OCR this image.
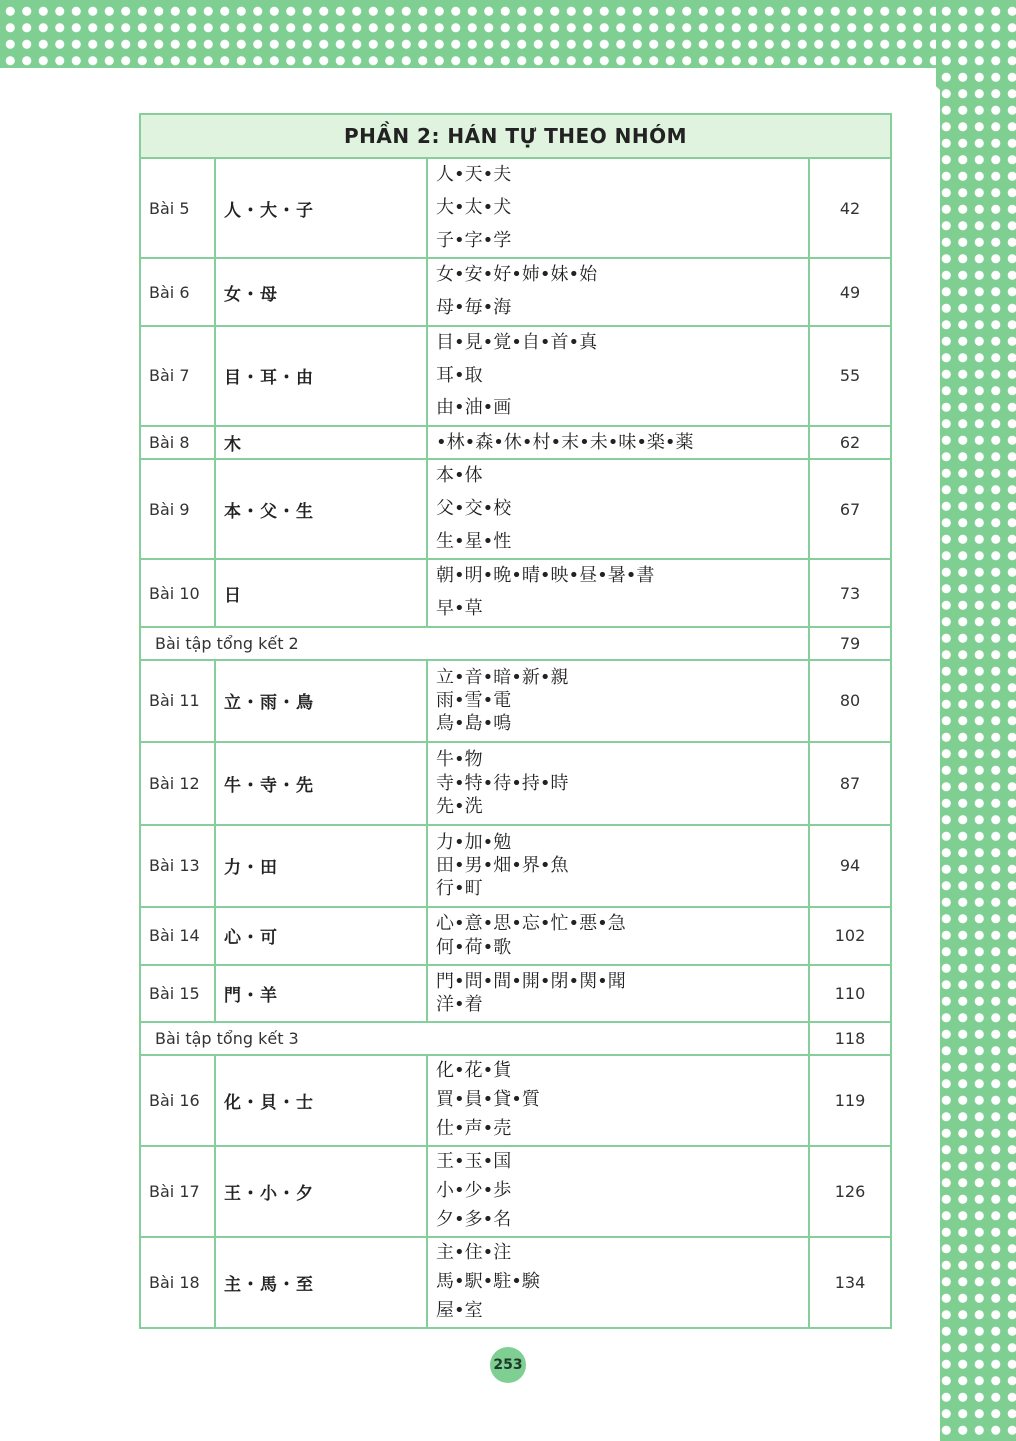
PHẦN 2: HÁN TỰ THEO NHÓM			
Bài 5	人・大・子	人•天•夫
大•太•犬
子•字•学	42
Bài 6	女・母	女•安•好•姉•妹•始
母•毎•海	49
Bài 7	目・耳・由	目•見•覚•自•首•真
耳•取
由•油•画	55
Bài 8	木	•林•森•休•村•末•未•味•楽•薬	62
Bài 9	本・父・生	本•体
父•交•校
生•星•性	67
Bài 10	日	朝•明•晩•晴•映•昼•暑•書
早•草	73
Bài tập tổng kết 2			79
Bài 11	立・雨・鳥	立•音•暗•新•親
雨•雪•電
鳥•島•鳴	80
Bài 12	牛・寺・先	牛•物
寺•特•待•持•時
先•洗	87
Bài 13	力・田	力•加•勉
田•男•畑•界•魚
行•町	94
Bài 14	心・可	心•意•思•忘•忙•悪•急
何•荷•歌	102
Bài 15	門・羊	門•問•間•開•閉•関•聞
洋•着	110
Bài tập tổng kết 3			118
Bài 16	化・貝・士	化•花•貨
買•員•貸•質
仕•声•売	119
Bài 17	王・小・夕	王•玉•国
小•少•歩
夕•多•名	126
Bài 18	主・馬・至	主•住•注
馬•駅•駐•験
屋•室	134
253
